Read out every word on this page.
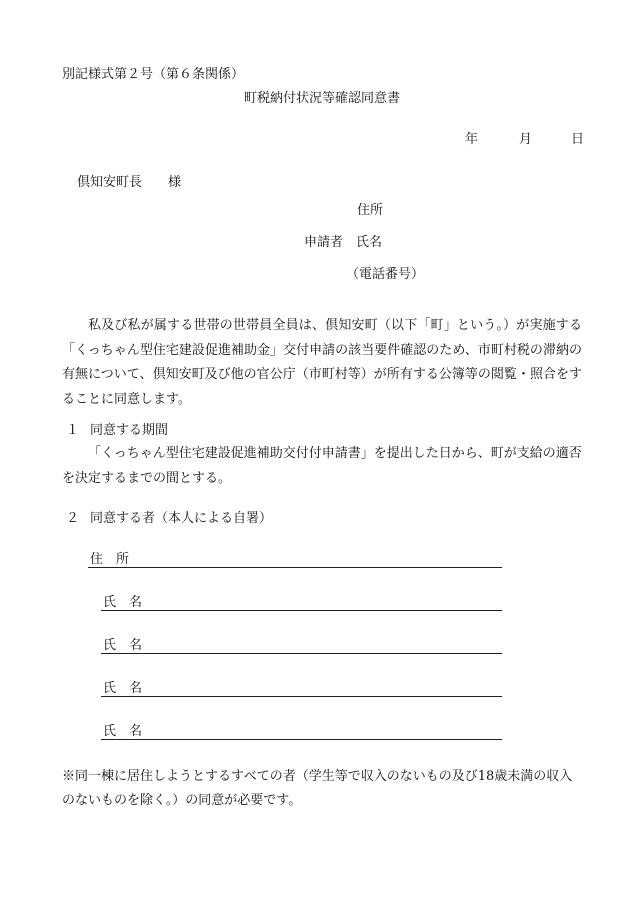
別記様式第２号（第６条関係）
町税納付状況等確認同意書
年	月	日
倶知安町長　　様
住所
申請者 氏名
（電話番号）
私及び私が属する世帯の世帯員全員は、倶知安町（以下「町」という。）が実施する「くっちゃん型住宅建設促進補助金」交付申請の該当要件確認のため、市町村税の滞納の有無について、倶知安町及び他の官公庁（市町村等）が所有する公簿等の閲覧・照合をすることに同意します。
１ 同意する期間
「くっちゃん型住宅建設促進補助交付付申請書」を提出した日から、町が支給の適否を決定するまでの間とする。
２ 同意する者（本人による自署）
住　所
氏　名
氏　名
氏　名
氏　名
※同一棟に居住しようとするすべての者（学生等で収入のないもの及び18歳未満の収入のないものを除く。）の同意が必要です。
